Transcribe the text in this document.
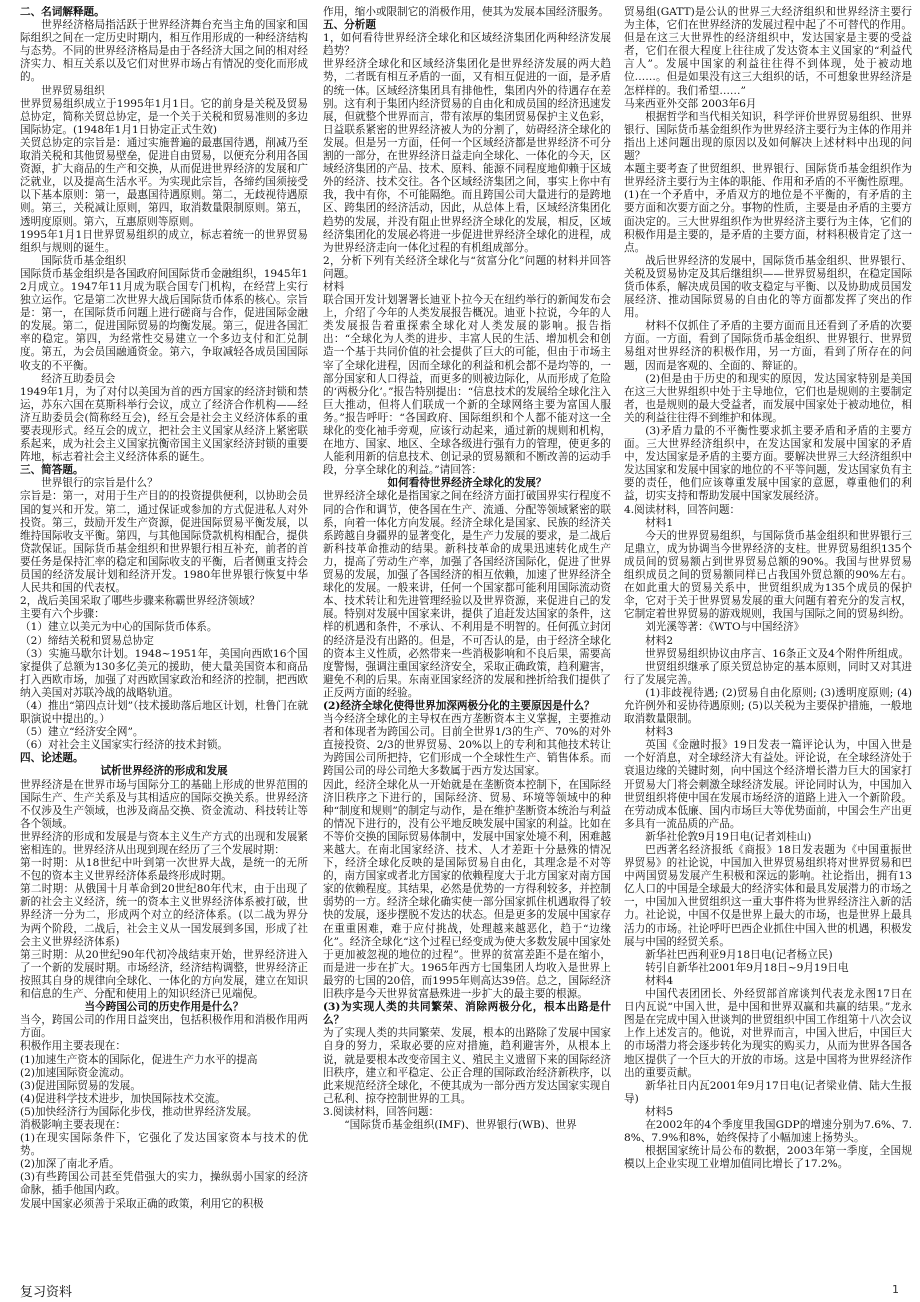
二、名词解释题。

世界经济格局指活跃于世界经济舞台充当主角的国家和国际组织之间在一定历史时期内，相互作用形成的一种经济结构与态势。不同的世界经济格局是由于各经济大国之间的相对经济实力、相互关系以及它们对世界市场占有情况的变化而形成的。

世界贸易组织

世界贸易组织成立于1995年1月1日。它的前身是关税及贸易总协定，简称关贸总协定，是一个关于关税和贸易准则的多边国际协定。(1948年1月1日协定正式生效)

关贸总协定的宗旨是：通过实施普遍的最惠国待遇，削减乃至取消关税和其他贸易壁垒，促进自由贸易，以便充分利用各国资源，扩大商品的生产和交换，从而促进世界经济的发展和广泛就业，以及提高生活水平。为实现此宗旨，各缔约国须接受以下基本原则：第一，最惠国待遇原则。第二，无歧视待遇原则。第三，关税减让原则，第四，取消数量限制原则。第五，透明度原则。第六，互惠原则等原则。

1995年1月1日世界贸易组织的成立，标志着统一的世界贸易组织与规则的诞生。

国际货币基金组织

国际货币基金组织是各国政府间国际货币金融组织，1945年12月成立。1947年11月成为联合国专门机构，在经营上实行独立运作。它是第二次世界大战后国际货币体系的核心。宗旨是：第一，在国际货币问题上进行磋商与合作，促进国际金融的发展。第二，促进国际贸易的均衡发展。第三，促进各国汇率的稳定。第四，为经常性交易建立一个多边支付和汇兑制度。第五，为会员国融通资金。第六，争取减轻各成员国国际收支的不平衡。

经济互助委员会

1949年1月，为了对付以美国为首的西方国家的经济封锁和禁运，苏东六国在莫斯科举行会议，成立了经济合作机构——经济互助委员会(简称经互会)，经互会是社会主义经济体系的重要表现形式。经互会的成立，把社会主义国家从经济上紧密联系起来，成为社会主义国家抗衡帝国主义国家经济封锁的重要阵地，标志着社会主义经济体系的诞生。

三、简答题。

世界银行的宗旨是什么？

宗旨是：第一，对用于生产目的的投资提供便利，以协助会员国的复兴和开发。第二，通过保证或参加的方式促进私人对外投资。第三，鼓励开发生产资源，促进国际贸易平衡发展，以维持国际收支平衡。第四，与其他国际贷款机构相配合，提供贷款保证。国际货币基金组织和世界银行相互补充，前者的首要任务是保持汇率的稳定和国际收支的平衡，后者侧重支持会员国的经济发展计划和经济开发。1980年世界银行恢复中华人民共和国的代表权。

2，战后美国采取了哪些步骤来称霸世界经济领域？

主要有六个步骤：

（1）建立以美元为中心的国际货币体系。

（2）缔结关税和贸易总协定

（3）实施马歇尔计划。1948~1951年，美国向西欧16个国家提供了总额为130多亿美元的援助，使大量美国资本和商品打入西欧市场，加强了对西欧国家政治和经济的控制，把西欧纳入美国对苏联冷战的战略轨道。

（4）推出“第四点计划”（技术援助落后地区计划，杜鲁门在就职演说中提出的。）

（5）建立“经济安全网”。

（6）对社会主义国家实行经济的技术封锁。

四、论述题。

试析世界经济的形成和发展

世界经济是在世界市场与国际分工的基础上形成的世界范围的国际生产、生产关系及与其相适应的国际交换关系。世界经济不仅涉及生产领域，也涉及商品交换、资金流动、科技转让等各个领域。

世界经济的形成和发展是与资本主义生产方式的出现和发展紧密相连的。世界经济从出现到现在经历了三个发展时期：

第一时期：从18世纪中叶到第一次世界大战，是统一的无所不包的资本主义世界经济体系最终形成时期。

第二时期：从俄国十月革命到20世纪80年代末，由于出现了新的社会主义经济，统一的资本主义世界经济体系被打破，世界经济一分为二，形成两个对立的经济体系。(以二战为界分为两个阶段，二战后，社会主义从一国发展到多国，形成了社会主义世界经济体系)

第三时期：从20世纪90年代初冷战结束开始，世界经济进入了一个新的发展时期。市场经济，经济结构调整，世界经济正按照其自身的规律向全球化、一体化的方向发展，建立在知识和信息的生产、分配和使用上的知识经济已见端倪。

当今跨国公司的历史作用是什么？

当今，跨国公司的作用日益突出，包括积极作用和消极作用两方面。

积极作用主要表现在：

(1)加速生产资本的国际化，促进生产力水平的提高

(2)加速国际资金流动。

(3)促进国际贸易的发展。

(4)促进科学技术进步，加快国际技术交流。

(5)加快经济行为国际化步伐，推动世界经济发展。

消极影响主要表现在：

(1)在现实国际条件下，它强化了发达国家资本与技术的优势。

(2)加深了南北矛盾。

(3)有些跨国公司甚至凭借强大的实力，操纵弱小国家的经济命脉，插手他国内政。

发展中国家必须善于采取正确的政策，利用它的积极

作用，缩小或限制它的消极作用，使其为发展本国经济服务。

五、分析题

1，如何看待世界经济全球化和区域经济集团化两种经济发展趋势？

世界经济全球化和区域经济集团化是世界经济发展的两大趋势，二者既有相互矛盾的一面，又有相互促进的一面，是矛盾的统一体。区域经济集团具有排他性，集团内外的待遇存在差别。这有利于集团内经济贸易的自由化和成员国的经济迅速发展，但就整个世界而言，带有浓厚的集团贸易保护主义色彩，日益联系紧密的世界经济被人为的分割了，妨碍经济全球化的发展。但是另一方面，任何一个区域经济都是世界经济不可分割的一部分，在世界经济日益走向全球化、一体化的今天，区域经济集团的产品、技术、原料、能源不同程度地仰赖于区域外的经济、技术交往。各个区域经济集团之间，事实上你中有我，我中有你，不可能隔绝。而且跨国公司大量进行的是跨地区、跨集团的经济活动，因此，从总体上看，区域经济集团化趋势的发展，并没有阻止世界经济全球化的发展，相反，区域经济集团化的发展必将进一步促进世界经济全球化的进程，成为世界经济走向一体化过程的有机组成部分。

2，分析下列有关经济全球化与“贫富分化”问题的材料并回答问题。

材料

联合国开发计划署署长迪亚卜拉今天在纽约举行的新闻发布会上，介绍了今年的人类发展报告概况。迪亚卜拉说，今年的人类发展报告着重探索全球化对人类发展的影响。报告指出：“全球化为人类的进步、丰富人民的生活、增加机会和创造一个基于共同价值的社会提供了巨大的可能，但由于市场主宰了全球化进程，因而全球化的利益和机会都不是均等的，一部分国家和人口得益，而更多的则被边际化，从而形成了危险的‘两极分化’。”报告特别提出：“信息技术的发展给全球化注入巨大推动，但将人们联成一个新的全球网络主要为富国人服务。”报告呼吁：“各国政府、国际组织和个人都不能对这一全球化的变化袖手旁观，应该行动起来，通过新的规则和机构，在地方、国家、地区、全球各级进行强有力的管理，使更多的人能利用新的信息技术、创记录的贸易额和不断改善的运动手段，分享全球化的利益。”请回答：

如何看待世界经济全球化的发展？

世界经济全球化是指国家之间在经济方面打破国界实行程度不同的合作和调节，使各国在生产、流通、分配等领域紧密的联系，向着一体化方向发展。经济全球化是国家、民族的经济关系跨越自身疆界的显著变化，是生产力发展的要求，是二战后新科技革命推动的结果。新科技革命的成果迅速转化成生产力，提高了劳动生产率，加强了各国经济国际化，促进了世界贸易的发展，加强了各国经济的相互依赖，加速了世界经济全球化的发展。一般来讲，任何一个国家都可能利用国际流动资本、技术转让和先进管理经验以及世界资源，来促进自己的发展。特别对发展中国家来讲，提供了追赶发达国家的条件，这样的机遇和条件，不承认、不利用是不明智的。任何孤立封闭的经济是没有出路的。但是，不可否认的是，由于经济全球化的资本主义性质，必然带来一些消极影响和不良后果，需要高度警惕，强调注重国家经济安全，采取正确政策，趋利避害，避免不利的后果。东南亚国家经济的发展和挫折给我们提供了正反两方面的经验。

(2)经济全球化使得世界加深两极分化的主要原因是什么？

当今经济全球化的主导权在西方垄断资本主义掌握，主要推动者和体现者为跨国公司。目前全世界1/3的生产、70%的对外直接投资、2/3的世界贸易、20%以上的专利和其他技术转让为跨国公司所把持，它们形成一个全球性生产、销售体系。而跨国公司的母公司绝大多数属于西方发达国家。

因此，经济全球化从一开始就是在垄断资本控制下，在国际经济旧秩序之下进行的，国际经济、贸易、环境等领域中的种种“制度和规则”的制定与动作，是在维护垄断资本统治与利益的情况下进行的，没有公平地反映发展中国家的利益。比如在不等价交换的国际贸易体制中，发展中国家处境不利，困难越来越大。在南北国家经济、技术、人才差距十分悬殊的情况下，经济全球化反映的是国际贸易自由化，其理念是不对等的，南方国家或者北方国家的依赖程度大于北方国家对南方国家的依赖程度。其结果，必然是优势的一方得利较多，并控制弱势的一方。经济全球化确实使一部分国家抓住机遇取得了较快的发展，逐步摆脱不发达的状态。但是更多的发展中国家存在重重困难，难于应付挑战，处理越来越恶化，趋于“边缘化”。经济全球化“这个过程已经变成为使大多数发展中国家处于更加被忽视的地位的过程”。世界的贫富差距不是在缩小，而是进一步在扩大。1965年西方七国集团人均收入是世界上最穷的七国的20倍，而1995年则高达39倍。总之，国际经济旧秩序是今天世界贫富悬殊进一步扩大的最主要的根源。

(3)为实现人类的共同繁荣、消除两极分化，根本出路是什么？

为了实现人类的共同繁荣、发展，根本的出路除了发展中国家自身的努力，采取必要的应对措施，趋利避害外，从根本上说，就是要根本改变帝国主义、殖民主义遗留下来的国际经济旧秩序，建立和平稳定、公正合理的国际政治经济新秩序，以此来规范经济全球化，不使其成为一部分西方发达国家实现自己私利、掠夺控制世界的工具。

3.阅读材料，回答问题：

“国际货币基金组织(IMF)、世界银行(WB)、世界

贸易组(GATT)是公认的世界三大经济组织和世界经济主要行为主体，它们在世界经济的发展过程中起了不可替代的作用。但是在这三大世界性的经济组织中，发达国家是主要的受益者，它们在很大程度上往往成了发达资本主义国家的“利益代言人”。发展中国家的利益往往得不到体现，处于被动地位……。但是如果没有这三大组织的话，不可想象世界经济是怎样样的。我们希望……”

马来西亚外交部 2003年6月

根据哲学和当代相关知识，科学评价世界贸易组织、世界银行、国际货币基金组织作为世界经济主要行为主体的作用并指出上述问题出现的原因以及如何解决上述材料中出现的问题？

本题主要考查了世贸组织、世界银行、国际货币基金组织作为世界经济主要行为主体的职能、作用和矛盾的不平衡性原理。

(1)在一个矛盾中，矛盾双方的地位是不平衡的，有矛盾的主要方面和次要方面之分。事物的性质，主要是由矛盾的主要方面决定的。三大世界组织作为世界经济主要行为主体，它们的积极作用是主要的，是矛盾的主要方面，材料积极肯定了这一点。

战后世界经济的发展中，国际货币基金组织、世界银行、关税及贸易协定及其后继组织——世界贸易组织，在稳定国际货币体系，解决成员国的收支稳定与平衡、以及协助成员国发展经济、推动国际贸易的自由化的等方面都发挥了突出的作用。

材料不仅抓住了矛盾的主要方面而且还看到了矛盾的次要方面。一方面，看到了国际货币基金组织、世界银行、世界贸易组对世界经济的积极作用，另一方面，看到了所存在的问题，因而是客观的、全面的、辩证的。

(2)但是由于历史的和现实的原因，发达国家特别是美国在这三大世界组织中处于主导地位，它们也是规则的主要制定者，也是规则的最大受益者，而发展中国家处于被动地位，相关的利益往往得不到维护和体现。

(3)矛盾力量的不平衡性要求抓主要矛盾和矛盾的主要方面。三大世界经济组织中，在发达国家和发展中国家的矛盾中，发达国家是矛盾的主要方面。要解决世界三大经济组织中发达国家和发展中国家的地位的不平等问题，发达国家负有主要的责任，他们应该尊重发展中国家的意愿，尊重他们的利益，切实支持和帮助发展中国家发展经济。

4.阅读材料，回答问题：

材料1

今天的世界贸易组织，与国际货币基金组织和世界银行三足鼎立，成为协调当今世界经济的支柱。世界贸易组织135个成员间的贸易额占到世界贸易总额的90%。我国与世界贸易组织成员之间的贸易额同样已占我国外贸总额的90%左右。在如此重大的贸易关系中，世贸组织成为135个成员的保护伞，它对于关于世界贸易发展的重大问题有着充分的发言权，它制定着世界贸易的游戏规则，我国与国际之间的贸易纠纷。

刘光溪等著：《WTO与中国经济》

材料2

世界贸易组织协议由序言、16条正文及4个附件所组成。

世贸组织继承了原关贸总协定的基本原则，同时又对其进行了发展完善。

(1)非歧视待遇; (2)贸易自由化原则; (3)透明度原则; (4)允许例外和妥协待遇原则; (5)以关税为主要保护措施，一般地取消数量限制。

材料3

英国《金融时报》19日发表一篇评论认为，中国入世是一个好消息，对全球经济大有益处。评论说，在全球经济处于衰退边缘的关键时刻，向中国这个经济增长潜力巨大的国家打开贸易大门将会刺激全球经济发展。评论同时认为，中国加入世贸组织将使中国在发展市场经济的道路上进入一个新阶段。在劳动成本低廉、国内市场巨大等优势面前，中国会生产出更多具有一流品质的产品。

新华社伦敦9月19日电(记者刘桂山)

巴西著名经济报纸《商报》18日发表题为《中国重振世界贸易》的社论说，中国加入世界贸易组织将对世界贸易和巴中两国贸易发展产生积极和深远的影响。社论指出，拥有13亿人口的中国是全球最大的经济实体和最具发展潜力的市场之一，中国加入世贸组织这一重大事件将为世界经济注入新的活力。社论说，中国不仅是世界上最大的市场，也是世界上最具活力的市场。社论呼吁巴西企业抓住中国入世的机遇，积极发展与中国的经贸关系。

新华社巴西利亚9月18日电(记者杨立民)

转引自新华社2001年9月18日~9月19日电

材料4

中国代表团团长、外经贸部首席谈判代表龙永图17日在日内瓦说“中国入世，是中国和世界双赢和共赢的结果。”龙永图是在完成中国入世谈判的世贸组织中国工作组第十八次会议上作上述发言的。他说，对世界而言，中国入世后，中国巨大的市场潜力将会逐步转化为现实的购买力，从而为世界各国各地区提供了一个巨大的开放的市场。这是中国将为世界经济作出的重要贡献。

新华社日内瓦2001年9月17日电(记者梁业倩、陆大生报导)

材料5

在2002年的4个季度里我国GDP的增速分别为7.6%、7.8%、7.9%和8%，始终保持了小幅加速上扬势头。

根据国家统计局公布的数据，2003年第一季度，全国规模以上企业实现工业增加值同比增长了17.2%。

复习资料	1
